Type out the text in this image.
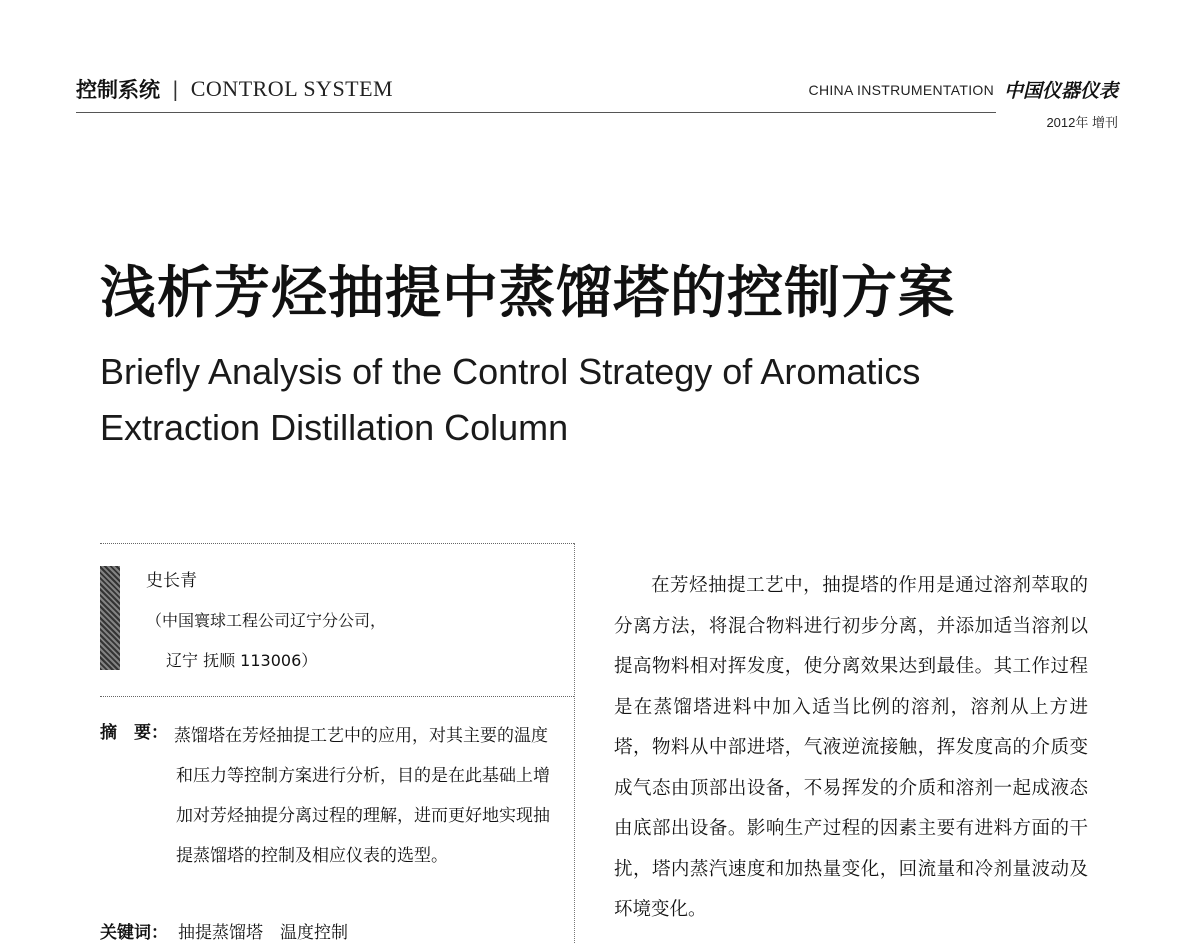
控制系统 | CONTROL SYSTEM	CHINA INSTRUMENTATION 中国仪器仪表
2012年 增刊
浅析芳烃抽提中蒸馏塔的控制方案
Briefly Analysis of the Control Strategy of Aromatics Extraction Distillation Column
史长青
（中国寰球工程公司辽宁分公司，
辽宁 抚顺 113006）
摘　要： 蒸馏塔在芳烃抽提工艺中的应用，对其主要的温度和压力等控制方案进行分析，目的是在此基础上增加对芳烃抽提分离过程的理解，进而更好地实现抽提蒸馏塔的控制及相应仪表的选型。

关键词： 抽提蒸馏塔　温度控制

在芳烃抽提工艺中，抽提塔的作用是通过溶剂萃取的分离方法，将混合物料进行初步分离，并添加适当溶剂以提高物料相对挥发度，使分离效果达到最佳。其工作过程是在蒸馏塔进料中加入适当比例的溶剂，溶剂从上方进塔，物料从中部进塔，气液逆流接触，挥发度高的介质变成气态由顶部出设备，不易挥发的介质和溶剂一起成液态由底部出设备。影响生产过程的因素主要有进料方面的干扰，塔内蒸汽速度和加热量变化，回流量和冷剂量波动及环境变化。
